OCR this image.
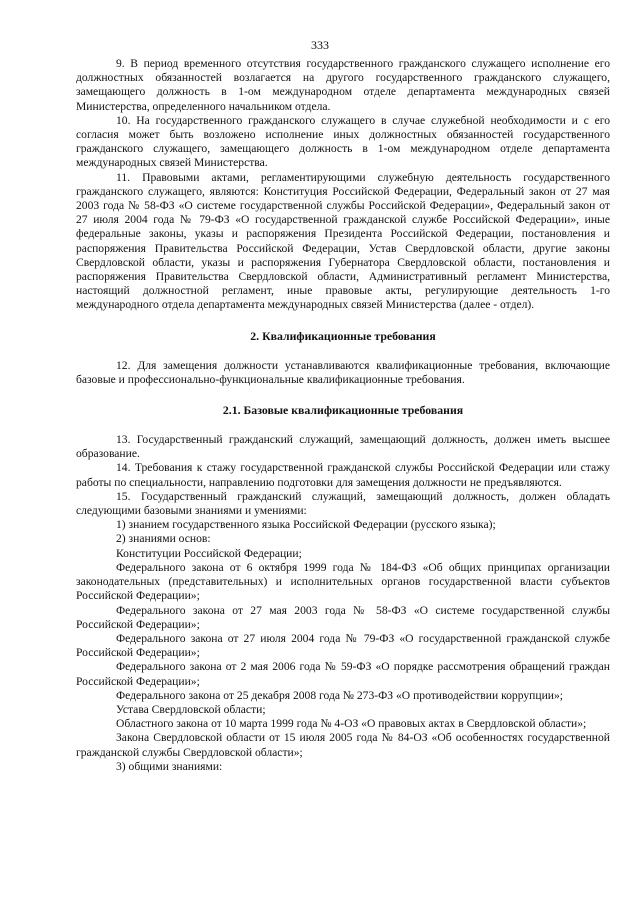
333

9. В период временного отсутствия государственного гражданского служащего исполнение его должностных обязанностей возлагается на другого государственного гражданского служащего, замещающего должность в 1-ом международном отделе департамента международных связей Министерства, определенного начальником отдела.

10. На государственного гражданского служащего в случае служебной необходимости и с его согласия может быть возложено исполнение иных должностных обязанностей государственного гражданского служащего, замещающего должность в 1-ом международном отделе департамента международных связей Министерства.

11. Правовыми актами, регламентирующими служебную деятельность государственного гражданского служащего, являются: Конституция Российской Федерации, Федеральный закон от 27 мая 2003 года № 58-ФЗ «О системе государственной службы Российской Федерации», Федеральный закон от 27 июля 2004 года № 79-ФЗ «О государственной гражданской службе Российской Федерации», иные федеральные законы, указы и распоряжения Президента Российской Федерации, постановления и распоряжения Правительства Российской Федерации, Устав Свердловской области, другие законы Свердловской области, указы и распоряжения Губернатора Свердловской области, постановления и распоряжения Правительства Свердловской области, Административный регламент Министерства, настоящий должностной регламент, иные правовые акты, регулирующие деятельность 1-го международного отдела департамента международных связей Министерства (далее - отдел).

2. Квалификационные требования

12. Для замещения должности устанавливаются квалификационные требования, включающие базовые и профессионально-функциональные квалификационные требования.

2.1. Базовые квалификационные требования

13. Государственный гражданский служащий, замещающий должность, должен иметь высшее образование.

14. Требования к стажу государственной гражданской службы Российской Федерации или стажу работы по специальности, направлению подготовки для замещения должности не предъявляются.

15. Государственный гражданский служащий, замещающий должность, должен обладать следующими базовыми знаниями и умениями:

1) знанием государственного языка Российской Федерации (русского языка);

2) знаниями основ:

Конституции Российской Федерации;

Федерального закона от 6 октября 1999 года № 184-ФЗ «Об общих принципах организации законодательных (представительных) и исполнительных органов государственной власти субъектов Российской Федерации»;

Федерального закона от 27 мая 2003 года № 58-ФЗ «О системе государственной службы Российской Федерации»;

Федерального закона от 27 июля 2004 года № 79-ФЗ «О государственной гражданской службе Российской Федерации»;

Федерального закона от 2 мая 2006 года № 59-ФЗ «О порядке рассмотрения обращений граждан Российской Федерации»;

Федерального закона от 25 декабря 2008 года № 273-ФЗ «О противодействии коррупции»;

Устава Свердловской области;

Областного закона от 10 марта 1999 года № 4-ОЗ «О правовых актах в Свердловской области»;

Закона Свердловской области от 15 июля 2005 года № 84-ОЗ «Об особенностях государственной гражданской службы Свердловской области»;

3) общими знаниями:
